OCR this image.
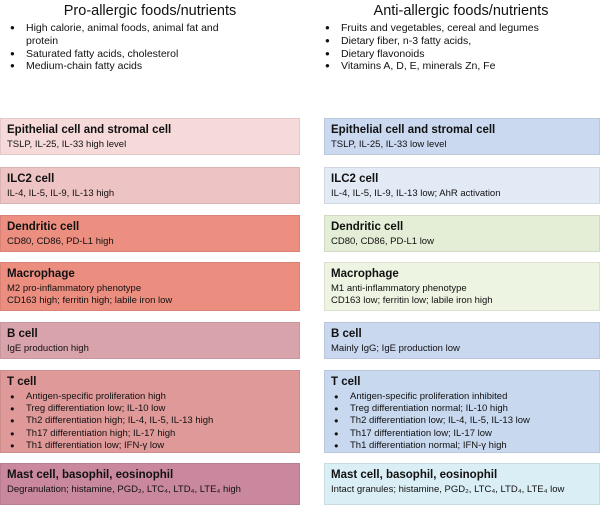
Pro-allergic foods/nutrients
● High calorie, animal foods, animal fat and
protein
● Saturated fatty acids, cholesterol
● Medium-chain fatty acids
Epithelial cell and stromal cell
TSLP, IL-25, IL-33 high level
ILC2 cell
IL-4, IL-5, IL-9, IL-13 high
Dendritic cell
CD80, CD86, PD-L1 high
Macrophage
M2 pro-inflammatory phenotype
CD163 high; ferritin high; labile iron low
B cell
IgE production high
T cell
● Antigen-specific proliferation high
● Treg differentiation low; IL-10 low
● Th2 differentiation high; IL-4, IL-5, IL-13 high
● Th17 differentiation high; IL-17 high
● Th1 differentiation low; IFN-γ low
Mast cell, basophil, eosinophil
Degranulation; histamine, PGD₂, LTC₄, LTD₄, LTE₄ high
Anti-allergic foods/nutrients
● Fruits and vegetables, cereal and legumes
● Dietary fiber, n-3 fatty acids,
● Dietary flavonoids
● Vitamins A, D, E, minerals Zn, Fe
Epithelial cell and stromal cell
TSLP, IL-25, IL-33 low level
ILC2 cell
IL-4, IL-5, IL-9, IL-13 low; AhR activation
Dendritic cell
CD80, CD86, PD-L1 low
Macrophage
M1 anti-inflammatory phenotype
CD163 low; ferritin low; labile iron high
B cell
Mainly IgG; IgE production low
T cell
● Antigen-specific proliferation inhibited
● Treg differentiation normal; IL-10 high
● Th2 differentiation low; IL-4, IL-5, IL-13 low
● Th17 differentiation low; IL-17 low
● Th1 differentiation normal; IFN-γ high
Mast cell, basophil, eosinophil
Intact granules; histamine, PGD₂, LTC₄, LTD₄, LTE₄ low
